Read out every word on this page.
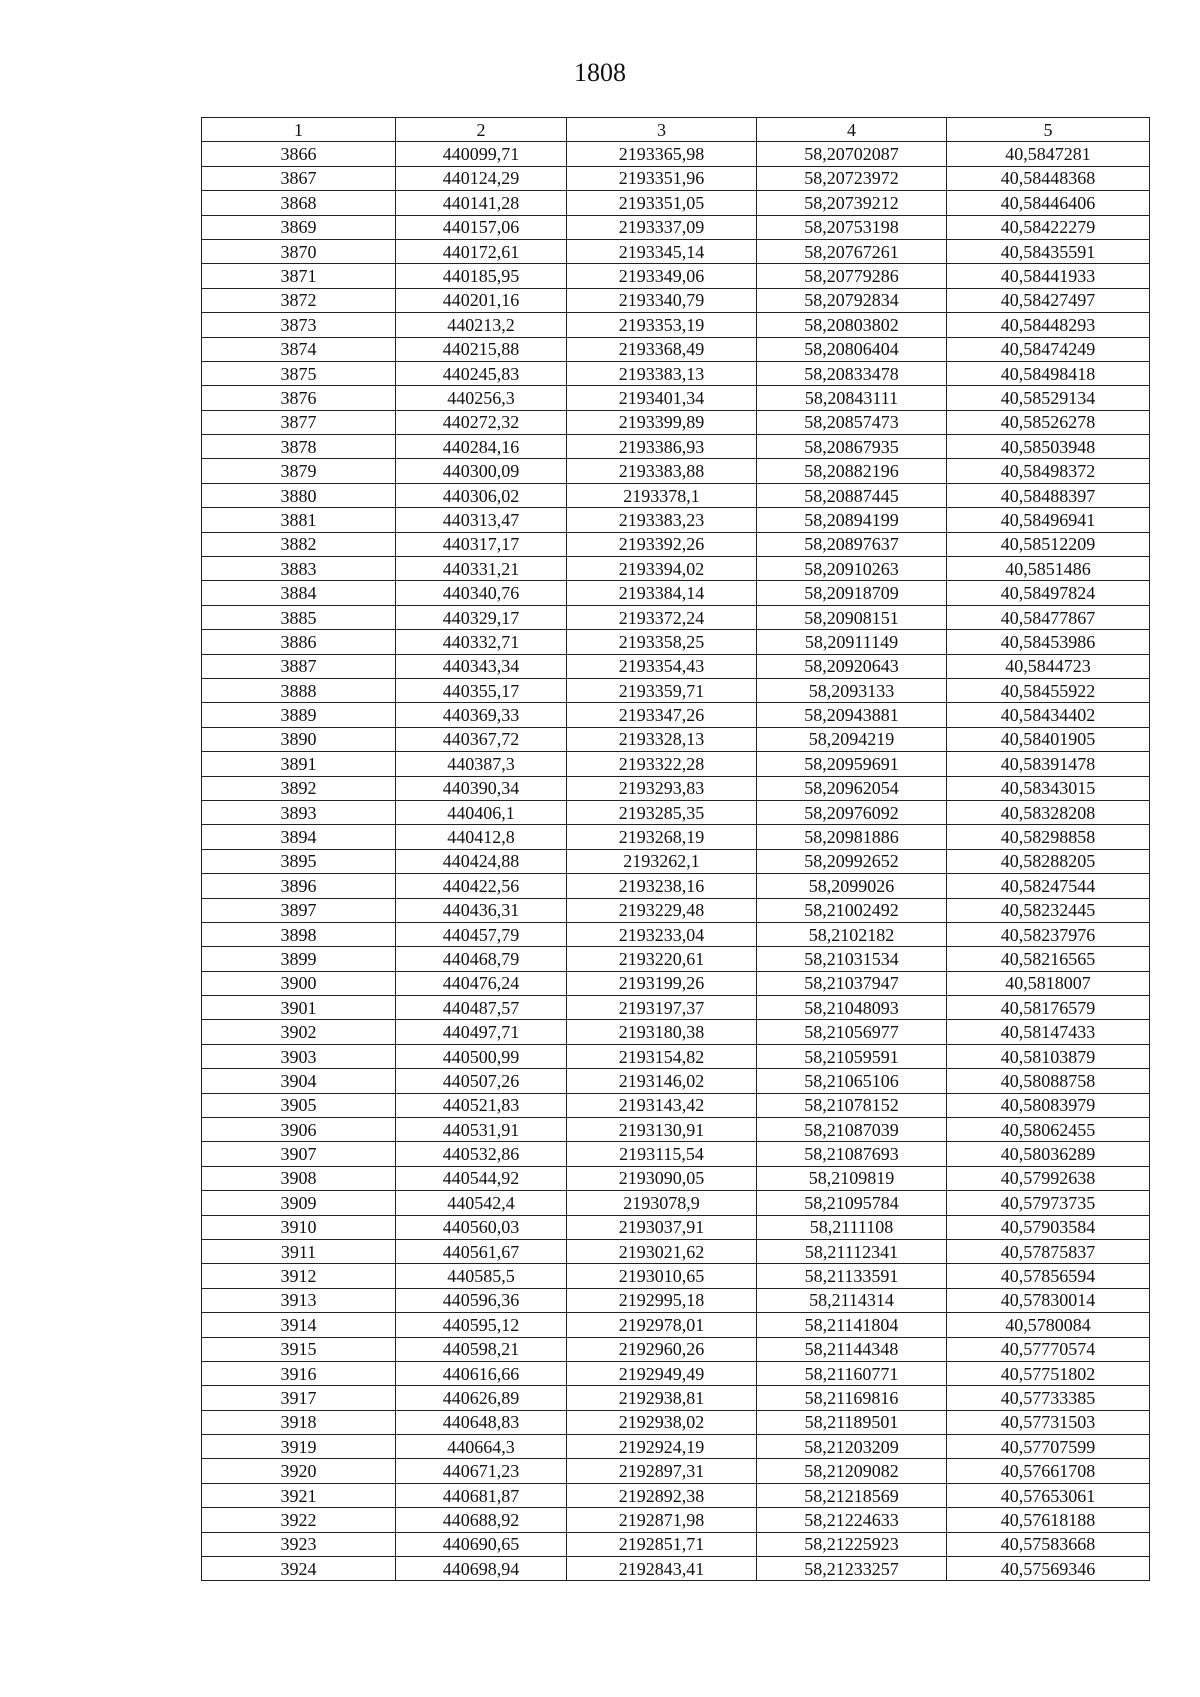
1808
1	2	3	4	5
3866	440099,71	2193365,98	58,20702087	40,5847281
3867	440124,29	2193351,96	58,20723972	40,58448368
3868	440141,28	2193351,05	58,20739212	40,58446406
3869	440157,06	2193337,09	58,20753198	40,58422279
3870	440172,61	2193345,14	58,20767261	40,58435591
3871	440185,95	2193349,06	58,20779286	40,58441933
3872	440201,16	2193340,79	58,20792834	40,58427497
3873	440213,2	2193353,19	58,20803802	40,58448293
3874	440215,88	2193368,49	58,20806404	40,58474249
3875	440245,83	2193383,13	58,20833478	40,58498418
3876	440256,3	2193401,34	58,20843111	40,58529134
3877	440272,32	2193399,89	58,20857473	40,58526278
3878	440284,16	2193386,93	58,20867935	40,58503948
3879	440300,09	2193383,88	58,20882196	40,58498372
3880	440306,02	2193378,1	58,20887445	40,58488397
3881	440313,47	2193383,23	58,20894199	40,58496941
3882	440317,17	2193392,26	58,20897637	40,58512209
3883	440331,21	2193394,02	58,20910263	40,5851486
3884	440340,76	2193384,14	58,20918709	40,58497824
3885	440329,17	2193372,24	58,20908151	40,58477867
3886	440332,71	2193358,25	58,20911149	40,58453986
3887	440343,34	2193354,43	58,20920643	40,5844723
3888	440355,17	2193359,71	58,2093133	40,58455922
3889	440369,33	2193347,26	58,20943881	40,58434402
3890	440367,72	2193328,13	58,2094219	40,58401905
3891	440387,3	2193322,28	58,20959691	40,58391478
3892	440390,34	2193293,83	58,20962054	40,58343015
3893	440406,1	2193285,35	58,20976092	40,58328208
3894	440412,8	2193268,19	58,20981886	40,58298858
3895	440424,88	2193262,1	58,20992652	40,58288205
3896	440422,56	2193238,16	58,2099026	40,58247544
3897	440436,31	2193229,48	58,21002492	40,58232445
3898	440457,79	2193233,04	58,2102182	40,58237976
3899	440468,79	2193220,61	58,21031534	40,58216565
3900	440476,24	2193199,26	58,21037947	40,5818007
3901	440487,57	2193197,37	58,21048093	40,58176579
3902	440497,71	2193180,38	58,21056977	40,58147433
3903	440500,99	2193154,82	58,21059591	40,58103879
3904	440507,26	2193146,02	58,21065106	40,58088758
3905	440521,83	2193143,42	58,21078152	40,58083979
3906	440531,91	2193130,91	58,21087039	40,58062455
3907	440532,86	2193115,54	58,21087693	40,58036289
3908	440544,92	2193090,05	58,2109819	40,57992638
3909	440542,4	2193078,9	58,21095784	40,57973735
3910	440560,03	2193037,91	58,2111108	40,57903584
3911	440561,67	2193021,62	58,21112341	40,57875837
3912	440585,5	2193010,65	58,21133591	40,57856594
3913	440596,36	2192995,18	58,2114314	40,57830014
3914	440595,12	2192978,01	58,21141804	40,5780084
3915	440598,21	2192960,26	58,21144348	40,57770574
3916	440616,66	2192949,49	58,21160771	40,57751802
3917	440626,89	2192938,81	58,21169816	40,57733385
3918	440648,83	2192938,02	58,21189501	40,57731503
3919	440664,3	2192924,19	58,21203209	40,57707599
3920	440671,23	2192897,31	58,21209082	40,57661708
3921	440681,87	2192892,38	58,21218569	40,57653061
3922	440688,92	2192871,98	58,21224633	40,57618188
3923	440690,65	2192851,71	58,21225923	40,57583668
3924	440698,94	2192843,41	58,21233257	40,57569346
